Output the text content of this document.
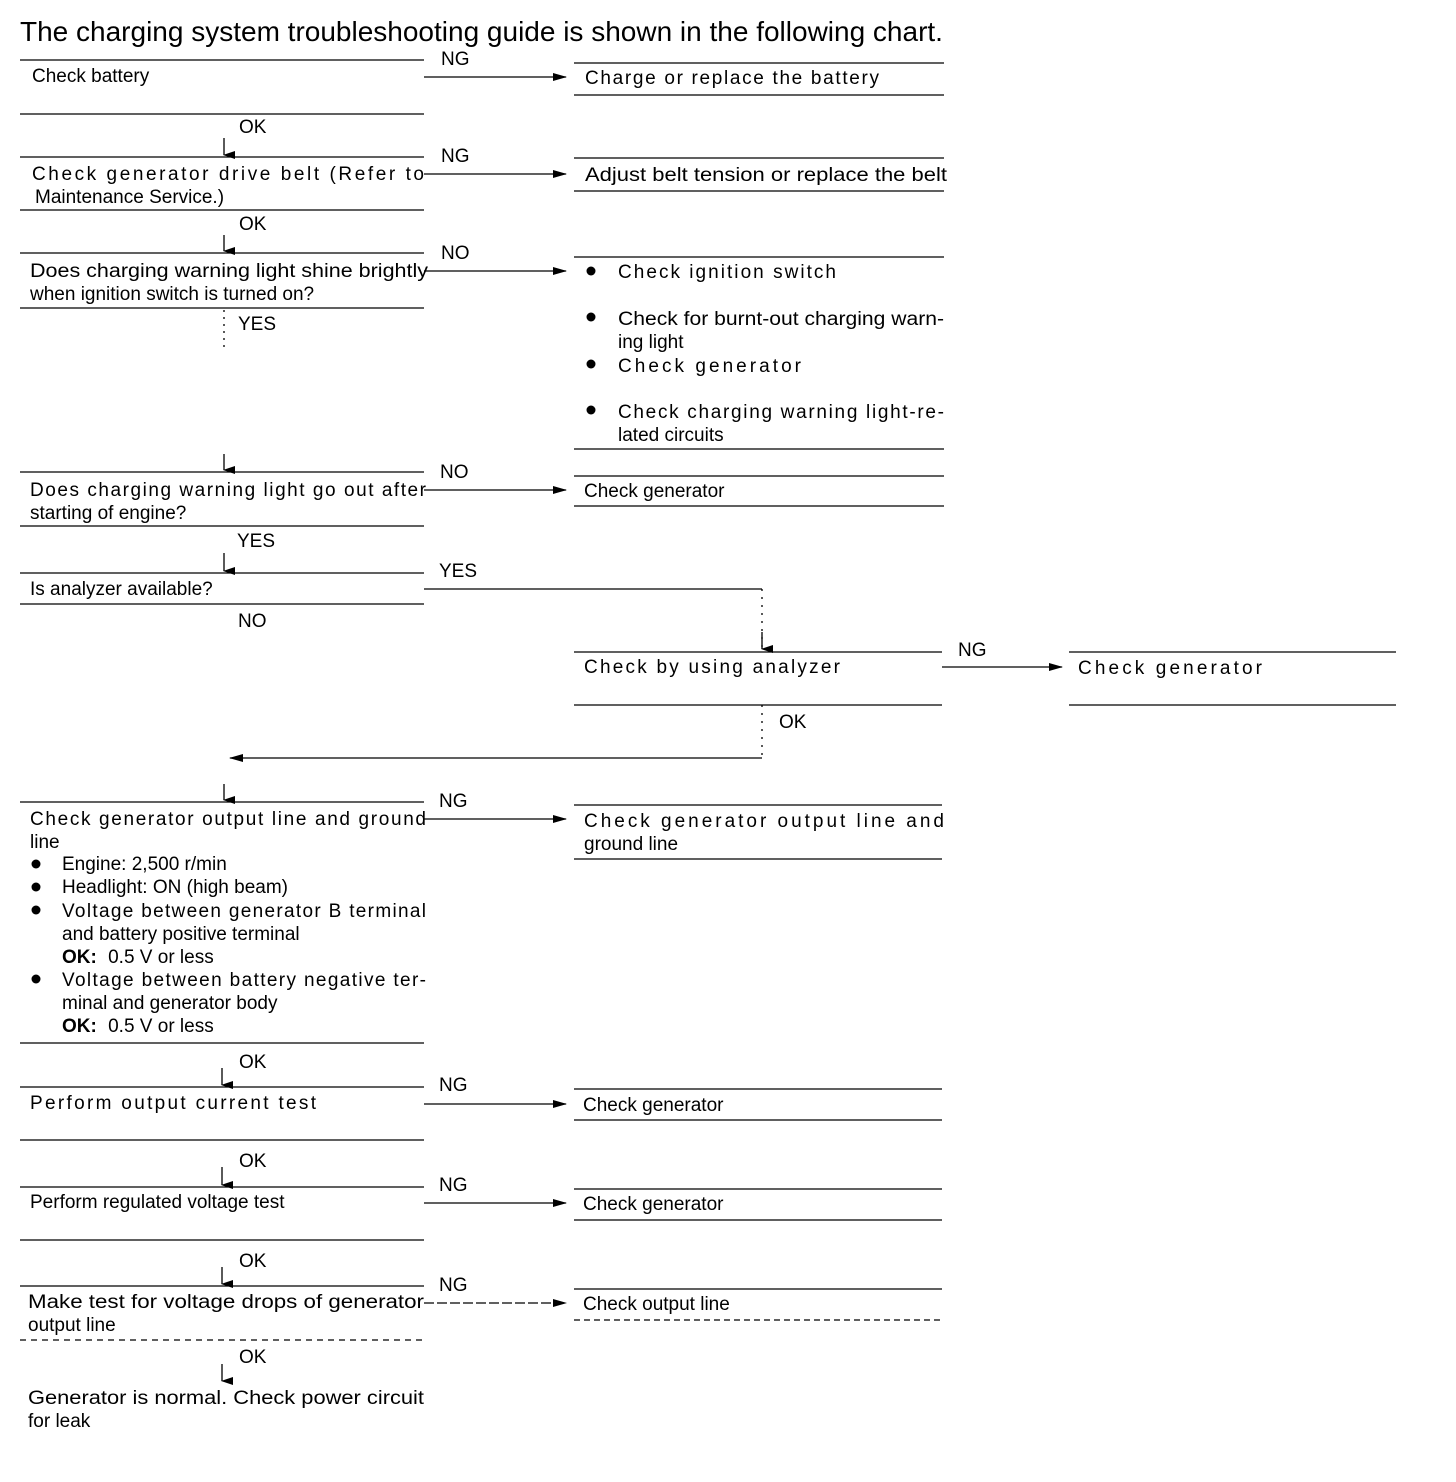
The charging system troubleshooting guide is shown in the following chart.
NG
OK
NG
OK
NO
YES
NO
YES
YES
NO
NG
OK
NG
OK
NG
OK
NG
OK
NG
OK
Check battery
Check generator drive belt (Refer to Maintenance Service.)
Does charging warning light shine brightly when ignition switch is turned on?
Does charging warning light go out after starting of engine?
Is analyzer available?
Check generator output line and ground line
Engine: 2,500 r/min
Headlight: ON (high beam)
Voltage between generator B terminal and battery positive terminal
OK: 0.5 V or less
Voltage between battery negative ter- minal and generator body
OK: 0.5 V or less
Perform output current test
Perform regulated voltage test
Make test for voltage drops of generator output line
Generator is normal. Check power circuit for leak
Charge or replace the battery
Adjust belt tension or replace the belt
Check ignition switch
Check for burnt-out charging warn- ing light
Check generator
Check charging warning light-re- lated circuits
Check generator
Check by using analyzer	Check generator
Check generator output line and ground line
Check generator
Check generator
Check output line
